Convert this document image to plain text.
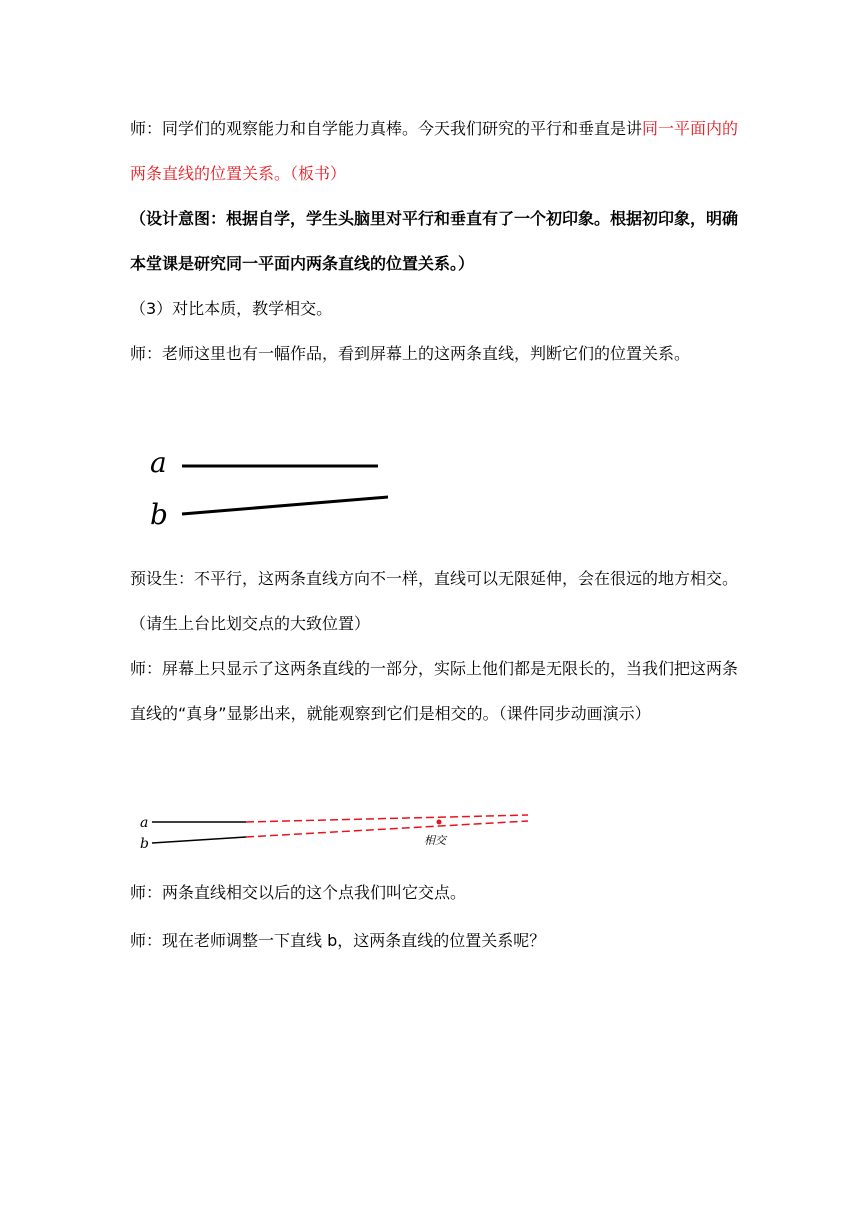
师：同学们的观察能力和自学能力真棒。今天我们研究的平行和垂直是讲同一平面内的两条直线的位置关系。（板书）

（设计意图：根据自学，学生头脑里对平行和垂直有了一个初印象。根据初印象，明确本堂课是研究同一平面内两条直线的位置关系。）

（3）对比本质，教学相交。

师：老师这里也有一幅作品，看到屏幕上的这两条直线，判断它们的位置关系。

a
b

预设生：不平行，这两条直线方向不一样，直线可以无限延伸，会在很远的地方相交。（请生上台比划交点的大致位置）

师：屏幕上只显示了这两条直线的一部分，实际上他们都是无限长的，当我们把这两条直线的“真身”显影出来，就能观察到它们是相交的。（课件同步动画演示）

a
b	相交

师：两条直线相交以后的这个点我们叫它交点。

师：现在老师调整一下直线 b，这两条直线的位置关系呢？
